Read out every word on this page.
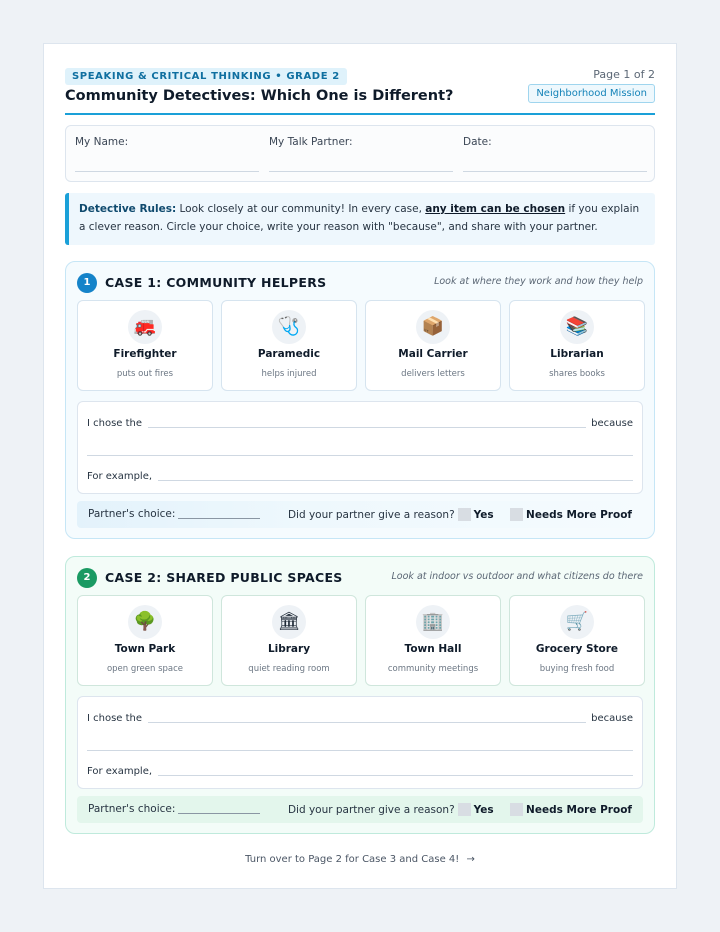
SPEAKING & CRITICAL THINKING • GRADE 2
Community Detectives: Which One is Different?
Page 1 of 2
Neighborhood Mission
My Name:	My Talk Partner:	Date:
Detective Rules: Look closely at our community! In every case, any item can be chosen if you explain a clever reason. Circle your choice, write your reason with "because", and share with your partner.
1	CASE 1: COMMUNITY HELPERS	Look at where they work and how they help
🚒
Firefighter
puts out fires
🩺
Paramedic
helps injured
📦
Mail Carrier
delivers letters
📚
Librarian
shares books
I chose the	because
For example,
Partner's choice:	Did your partner give a reason? Yes	Needs More Proof
2	CASE 2: SHARED PUBLIC SPACES	Look at indoor vs outdoor and what citizens do there
🌳
Town Park
open green space
🏛
Library
quiet reading room
🏢
Town Hall
community meetings
🛒
Grocery Store
buying fresh food
I chose the	because
For example,
Partner's choice:	Did your partner give a reason? Yes	Needs More Proof
Turn over to Page 2 for Case 3 and Case 4! →
